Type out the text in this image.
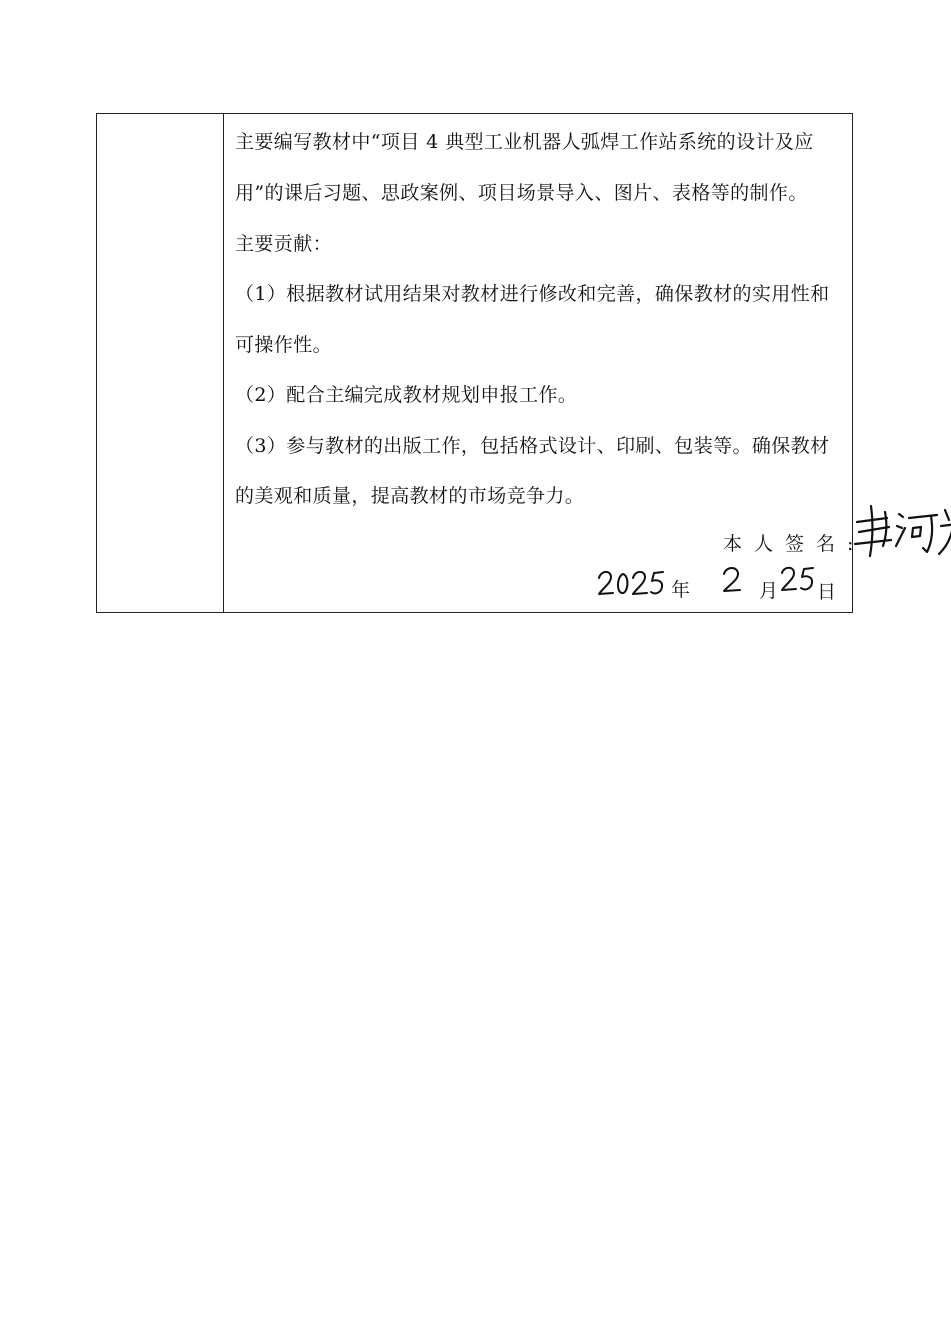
主要编写教材中“项目 4 典型工业机器人弧焊工作站系统的设计及应
用”的课后习题、思政案例、项目场景导入、图片、表格等的制作。
主要贡献：
（1）根据教材试用结果对教材进行修改和完善，确保教材的实用性和
可操作性。
（2）配合主编完成教材规划申报工作。
（3）参与教材的出版工作，包括格式设计、印刷、包装等。确保教材
的美观和质量，提高教材的市场竞争力。
本人签名:
年	月 日
